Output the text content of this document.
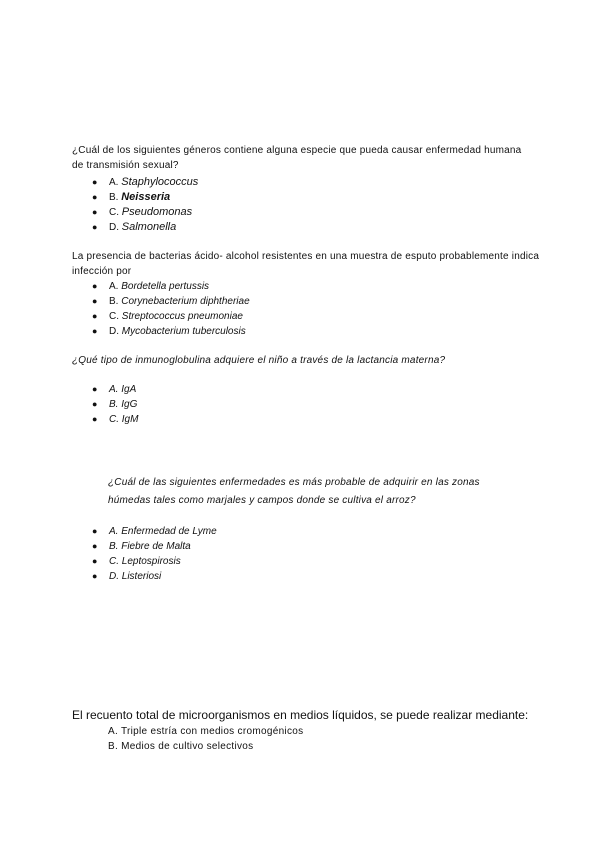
¿Cuál de los siguientes géneros contiene alguna especie que pueda causar enfermedad humana de transmisión sexual?

● A. Staphylococcus
● B. Neisseria
● C. Pseudomonas
● D. Salmonella

La presencia de bacterias ácido- alcohol resistentes en una muestra de esputo probablemente indica infección por

● A. Bordetella pertussis
● B. Corynebacterium diphtheriae
● C. Streptococcus pneumoniae
● D. Mycobacterium tuberculosis

¿Qué tipo de inmunoglobulina adquiere el niño a través de la lactancia materna?

● A. IgA
● B. IgG
● C. IgM

¿Cuál de las siguientes enfermedades es más probable de adquirir en las zonas húmedas tales como marjales y campos donde se cultiva el arroz?

● A. Enfermedad de Lyme
● B. Fiebre de Malta
● C. Leptospirosis
● D. Listeriosi

El recuento total de microorganismos en medios líquidos, se puede realizar mediante:

A. Triple estría con medios cromogénicos
B. Medios de cultivo selectivos
